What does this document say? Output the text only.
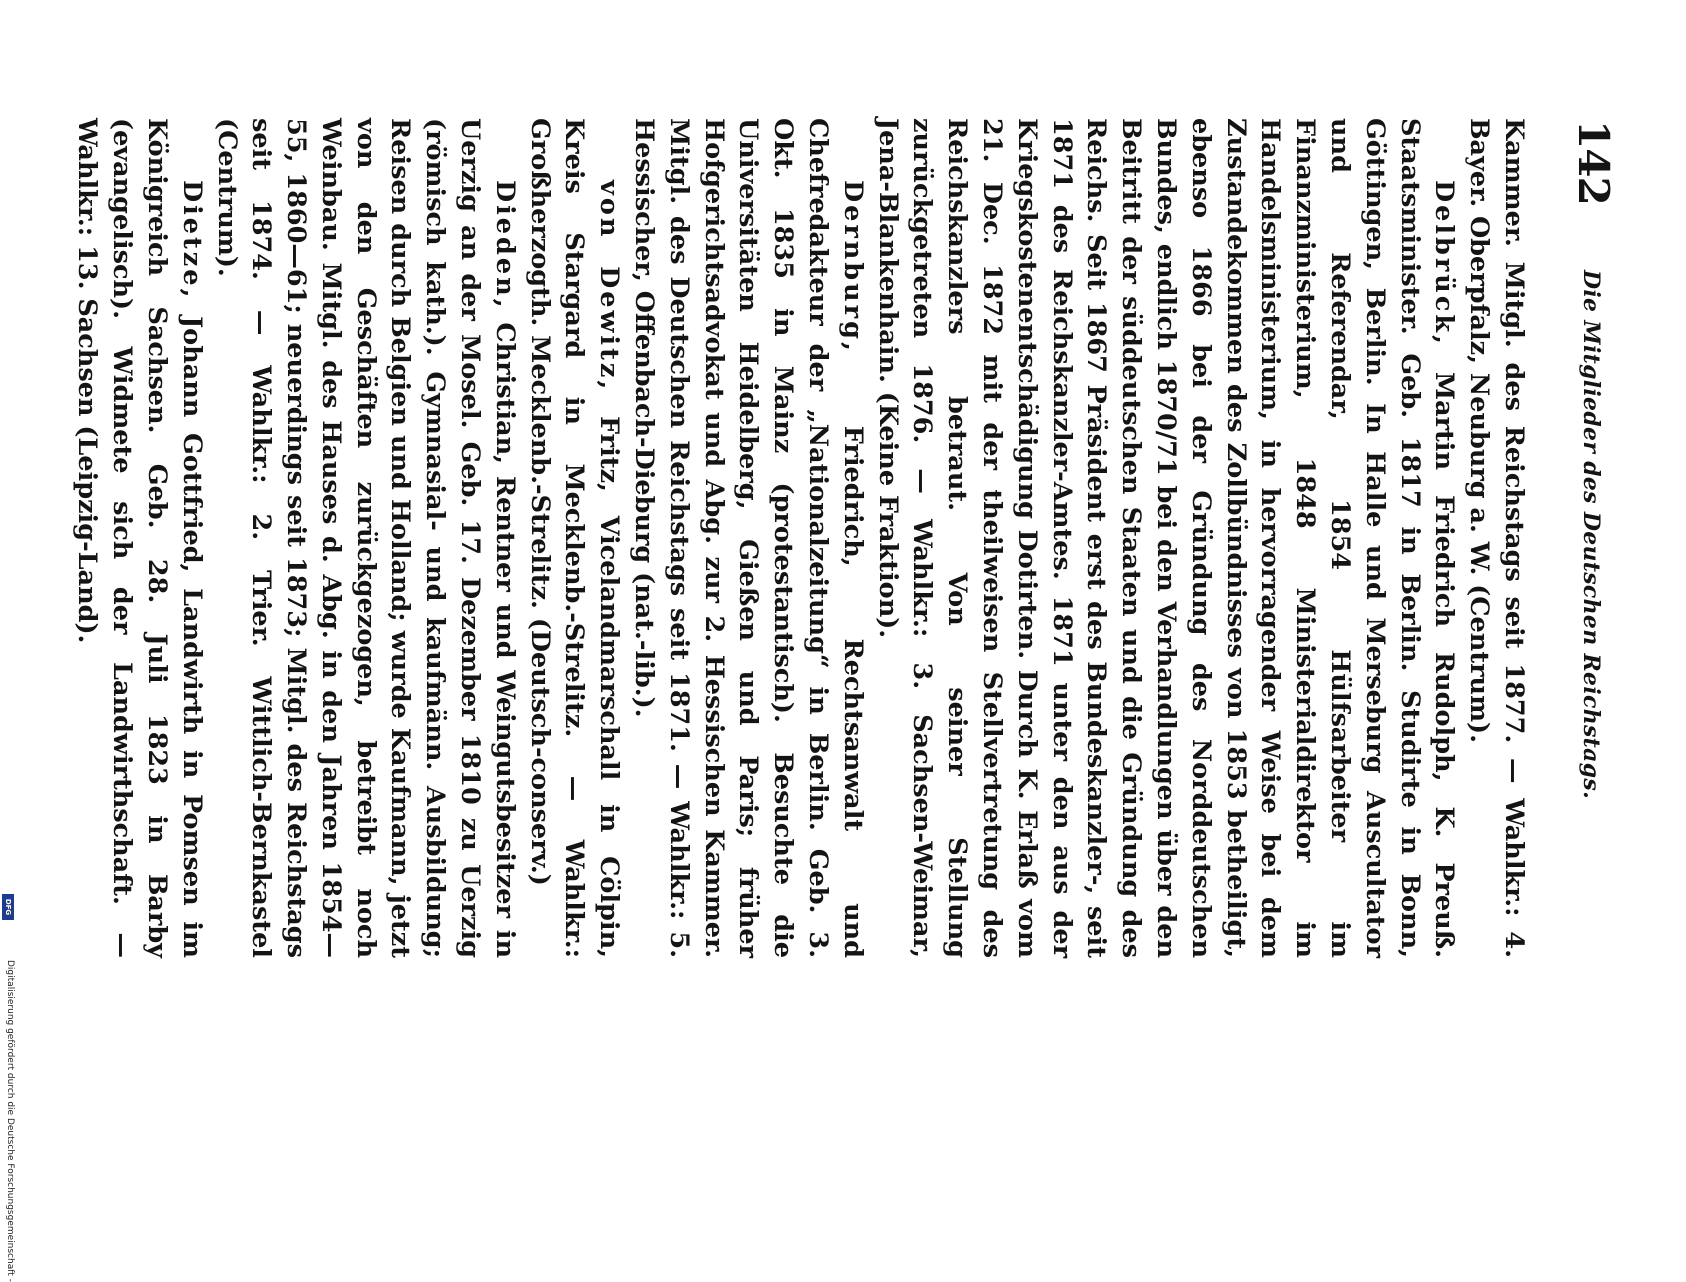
142
Die Mitglieder des Deutschen Reichstags.

Kammer. Mitgl. des Reichstags seit 1877. — Wahlkr.: 4. Bayer. Oberpfalz, Neuburg a. W. (Centrum).

Delbrück, Martin Friedrich Rudolph, K. Preuß. Staatsminister. Geb. 1817 in Berlin. Studirte in Bonn, Göttingen, Berlin. In Halle und Merseburg Auscultator und Referendar, 1854 Hülfsarbeiter im Finanzministerium, 1848 Ministerialdirektor im Handelsministerium, in hervorragender Weise bei dem Zustandekommen des Zollbündnisses von 1853 betheiligt, ebenso 1866 bei der Gründung des Norddeutschen Bundes, endlich 1870/71 bei den Verhandlungen über den Beitritt der süddeutschen Staaten und die Gründung des Reichs. Seit 1867 Präsident erst des Bundeskanzler-, seit 1871 des Reichskanzler-Amtes. 1871 unter den aus der Kriegskostenentschädigung Dotirten. Durch K. Erlaß vom 21. Dec. 1872 mit der theilweisen Stellvertretung des Reichskanzlers betraut. Von seiner Stellung zurückgetreten 1876. — Wahlkr.: 3. Sachsen-Weimar, Jena-Blankenhain. (Keine Fraktion).

Dernburg, Friedrich, Rechtsanwalt und Chefredakteur der „Nationalzeitung“ in Berlin. Geb. 3. Okt. 1835 in Mainz (protestantisch). Besuchte die Universitäten Heidelberg, Gießen und Paris; früher Hofgerichtsadvokat und Abg. zur 2. Hessischen Kammer. Mitgl. des Deutschen Reichstags seit 1871. — Wahlkr.: 5. Hessischer, Offenbach-Dieburg (nat.-lib.).

von Dewitz, Fritz, Vicelandmarschall in Cölpin, Kreis Stargard in Mecklenb.-Strelitz. — Wahlkr.: Großherzogth. Mecklenb.-Strelitz. (Deutsch-conserv.)

Dieden, Christian, Rentner und Weingutsbesitzer in Uerzig an der Mosel. Geb. 17. Dezember 1810 zu Uerzig (römisch kath.). Gymnasial- und kaufmänn. Ausbildung; Reisen durch Belgien und Holland; wurde Kaufmann, jetzt von den Geschäften zurückgezogen, betreibt noch Weinbau. Mitgl. des Hauses d. Abg. in den Jahren 1854—55, 1860—61; neuerdings seit 1873; Mitgl. des Reichstags seit 1874. — Wahlkr.: 2. Trier. Wittlich-Bernkastel (Centrum).

Dietze, Johann Gottfried, Landwirth in Pomsen im Königreich Sachsen. Geb. 28. Juli 1823 in Barby (evangelisch). Widmete sich der Landwirthschaft. — Wahlkr.: 13. Sachsen (Leipzig-Land).

Digitalisierung gefördert durch die Deutsche Forschungsgemeinschaft -
DFG
